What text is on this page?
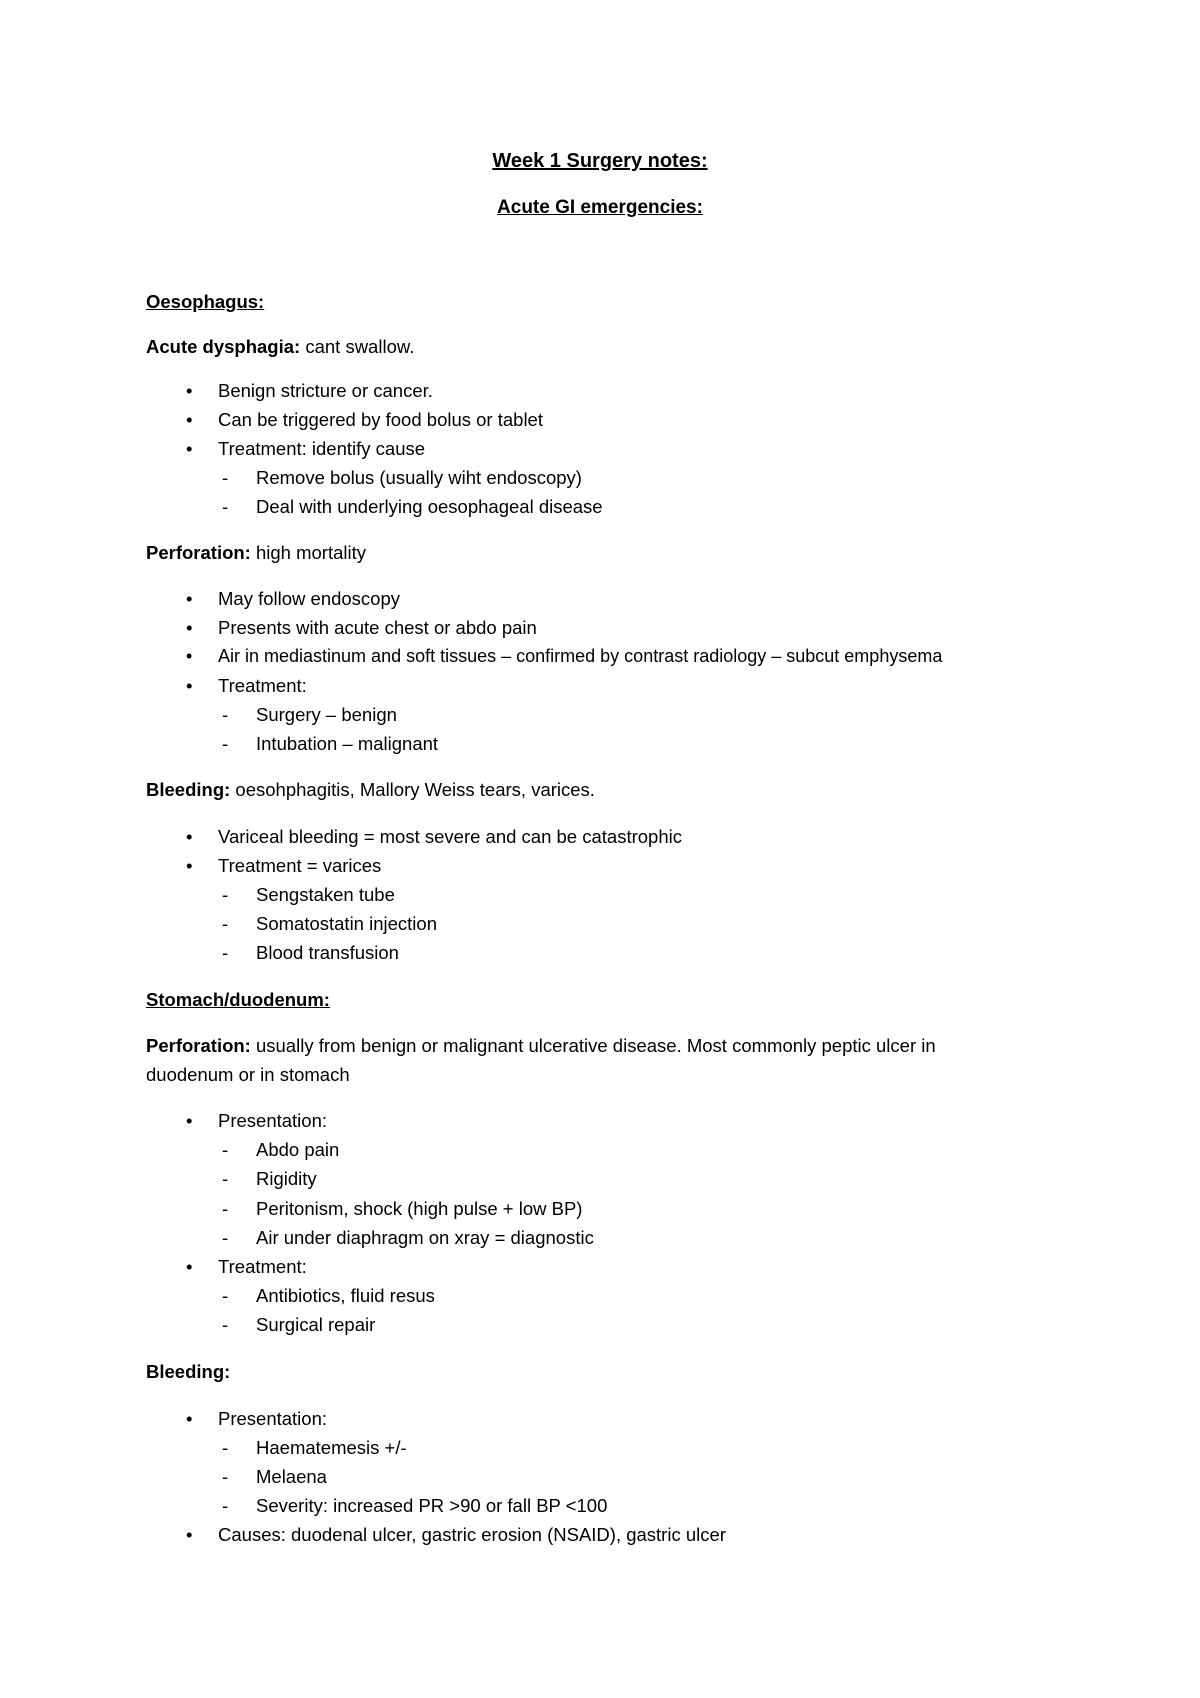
Week 1 Surgery notes:
Acute GI emergencies:
Oesophagus:
Acute dysphagia: cant swallow.
•	Benign stricture or cancer.
•	Can be triggered by food bolus or tablet
•	Treatment: identify cause
-	Remove bolus (usually wiht endoscopy)
-	Deal with underlying oesophageal disease
Perforation: high mortality
•	May follow endoscopy
•	Presents with acute chest or abdo pain
•	Air in mediastinum and soft tissues – confirmed by contrast radiology – subcut emphysema
•	Treatment:
-	Surgery – benign
-	Intubation – malignant
Bleeding: oesohphagitis, Mallory Weiss tears, varices.
•	Variceal bleeding = most severe and can be catastrophic
•	Treatment = varices
-	Sengstaken tube
-	Somatostatin injection
-	Blood transfusion
Stomach/duodenum:
Perforation: usually from benign or malignant ulcerative disease. Most commonly peptic ulcer in
duodenum or in stomach
•	Presentation:
-	Abdo pain
-	Rigidity
-	Peritonism, shock (high pulse + low BP)
-	Air under diaphragm on xray = diagnostic
•	Treatment:
-	Antibiotics, fluid resus
-	Surgical repair
Bleeding:
•	Presentation:
-	Haematemesis +/-
-	Melaena
-	Severity: increased PR >90 or fall BP <100
•	Causes: duodenal ulcer, gastric erosion (NSAID), gastric ulcer
